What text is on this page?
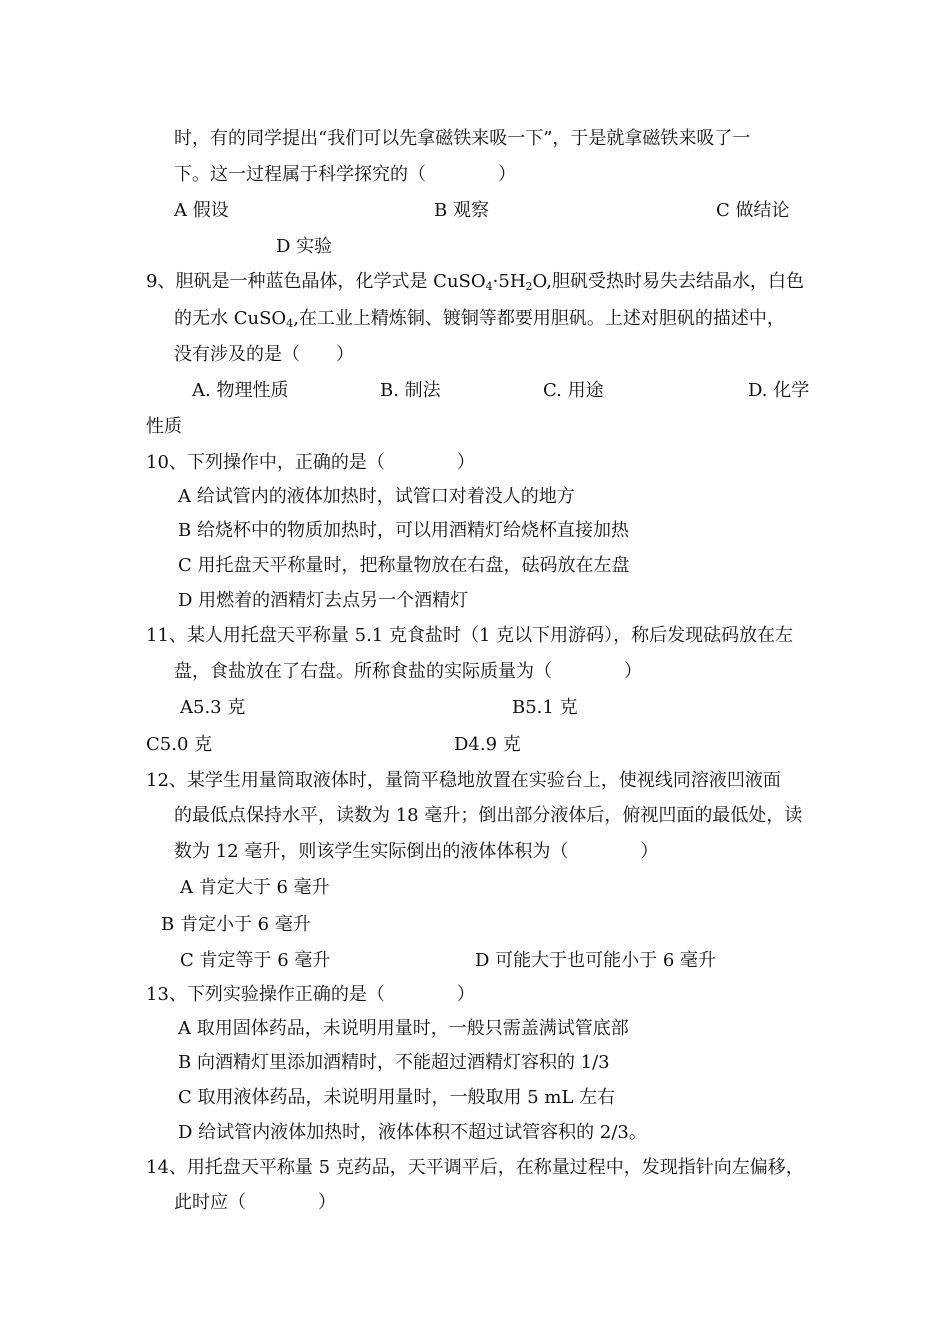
时，有的同学提出“我们可以先拿磁铁来吸一下”，于是就拿磁铁来吸了一
下。这一过程属于科学探究的（　　　　）
A 假设	B 观察	C 做结论
D 实验
9、胆矾是一种蓝色晶体，化学式是 $CuSO_4\cdot 5H_2O$,胆矾受热时易失去结晶水，白色
的无水 CuSO$_4$,在工业上精炼铜、镀铜等都要用胆矾。上述对胆矾的描述中，
没有涉及的是（　　）
A. 物理性质	B. 制法	C. 用途	D. 化学
性质
10、下列操作中，正确的是（　　　　）
A 给试管内的液体加热时，试管口对着没人的地方
B 给烧杯中的物质加热时，可以用酒精灯给烧杯直接加热
C 用托盘天平称量时，把称量物放在右盘，砝码放在左盘
D 用燃着的酒精灯去点另一个酒精灯
11、某人用托盘天平称量 5.1 克食盐时（1 克以下用游码），称后发现砝码放在左
盘，食盐放在了右盘。所称食盐的实际质量为（　　　　）
A5.3 克	B5.1 克
C5.0 克	D4.9 克
12、某学生用量筒取液体时，量筒平稳地放置在实验台上，使视线同溶液凹液面
的最低点保持水平，读数为 18 毫升；倒出部分液体后，俯视凹面的最低处，读
数为 12 毫升，则该学生实际倒出的液体体积为（　　　　）
A 肯定大于 6 毫升
B 肯定小于 6 毫升
C 肯定等于 6 毫升	D 可能大于也可能小于 6 毫升
13、下列实验操作正确的是（　　　　）
A 取用固体药品，未说明用量时，一般只需盖满试管底部
B 向酒精灯里添加酒精时，不能超过酒精灯容积的 1/3
C 取用液体药品，未说明用量时，一般取用 5 mL 左右
D 给试管内液体加热时，液体体积不超过试管容积的 2/3。
14、用托盘天平称量 5 克药品，天平调平后，在称量过程中，发现指针向左偏移，
此时应（　　　　）
